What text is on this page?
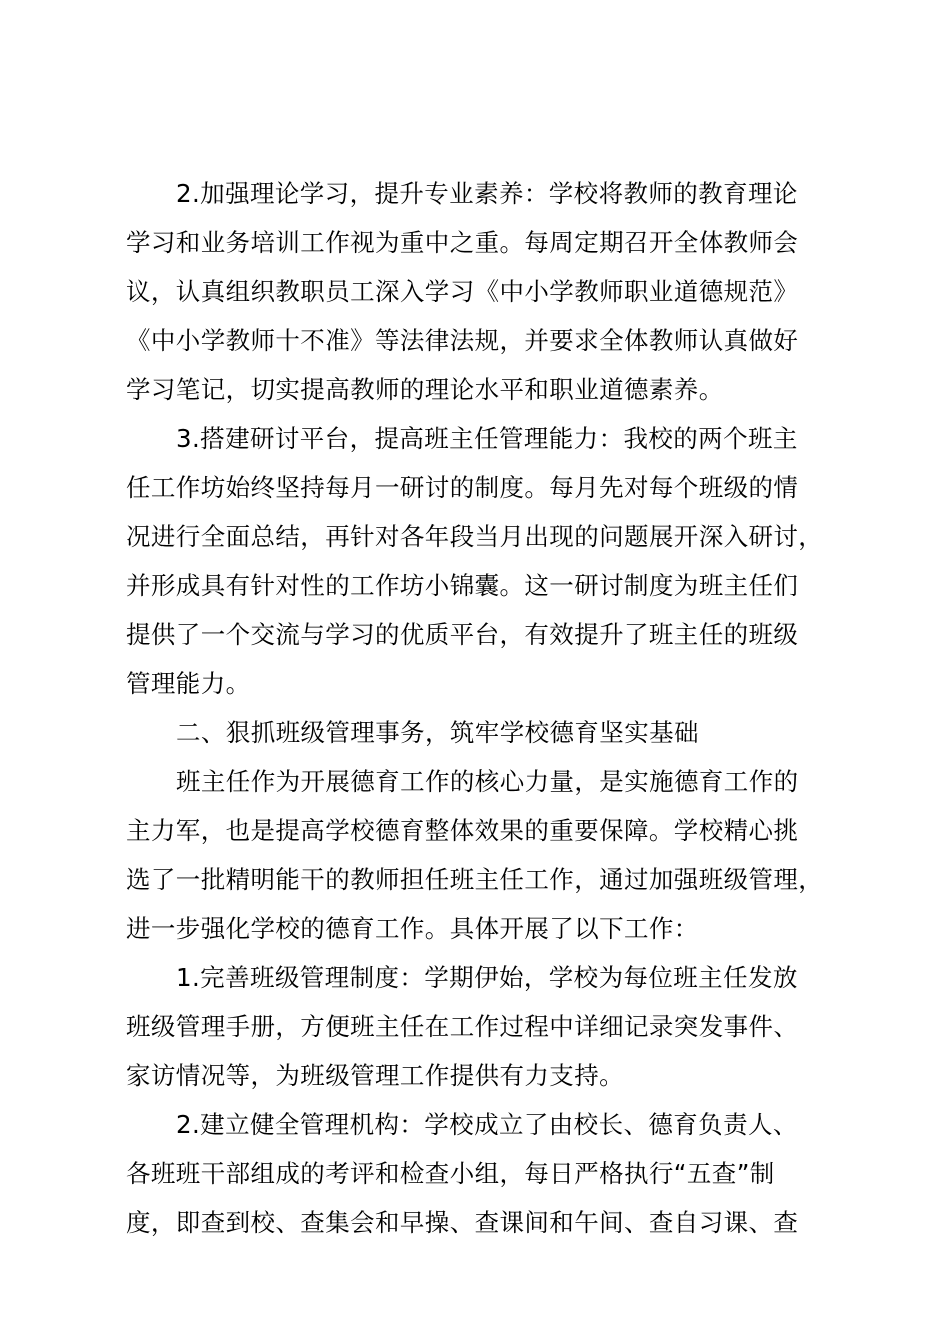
2.加强理论学习，提升专业素养：学校将教师的教育理论
学习和业务培训工作视为重中之重。每周定期召开全体教师会
议，认真组织教职员工深入学习《中小学教师职业道德规范》
《中小学教师十不准》等法律法规，并要求全体教师认真做好
学习笔记，切实提高教师的理论水平和职业道德素养。
3.搭建研讨平台，提高班主任管理能力：我校的两个班主
任工作坊始终坚持每月一研讨的制度。每月先对每个班级的情
况进行全面总结，再针对各年段当月出现的问题展开深入研讨，
并形成具有针对性的工作坊小锦囊。这一研讨制度为班主任们
提供了一个交流与学习的优质平台，有效提升了班主任的班级
管理能力。
二、狠抓班级管理事务，筑牢学校德育坚实基础
班主任作为开展德育工作的核心力量，是实施德育工作的
主力军，也是提高学校德育整体效果的重要保障。学校精心挑
选了一批精明能干的教师担任班主任工作，通过加强班级管理，
进一步强化学校的德育工作。具体开展了以下工作：
1.完善班级管理制度：学期伊始，学校为每位班主任发放
班级管理手册，方便班主任在工作过程中详细记录突发事件、
家访情况等，为班级管理工作提供有力支持。
2.建立健全管理机构：学校成立了由校长、德育负责人、
各班班干部组成的考评和检查小组，每日严格执行“五查”制
度，即查到校、查集会和早操、查课间和午间、查自习课、查
